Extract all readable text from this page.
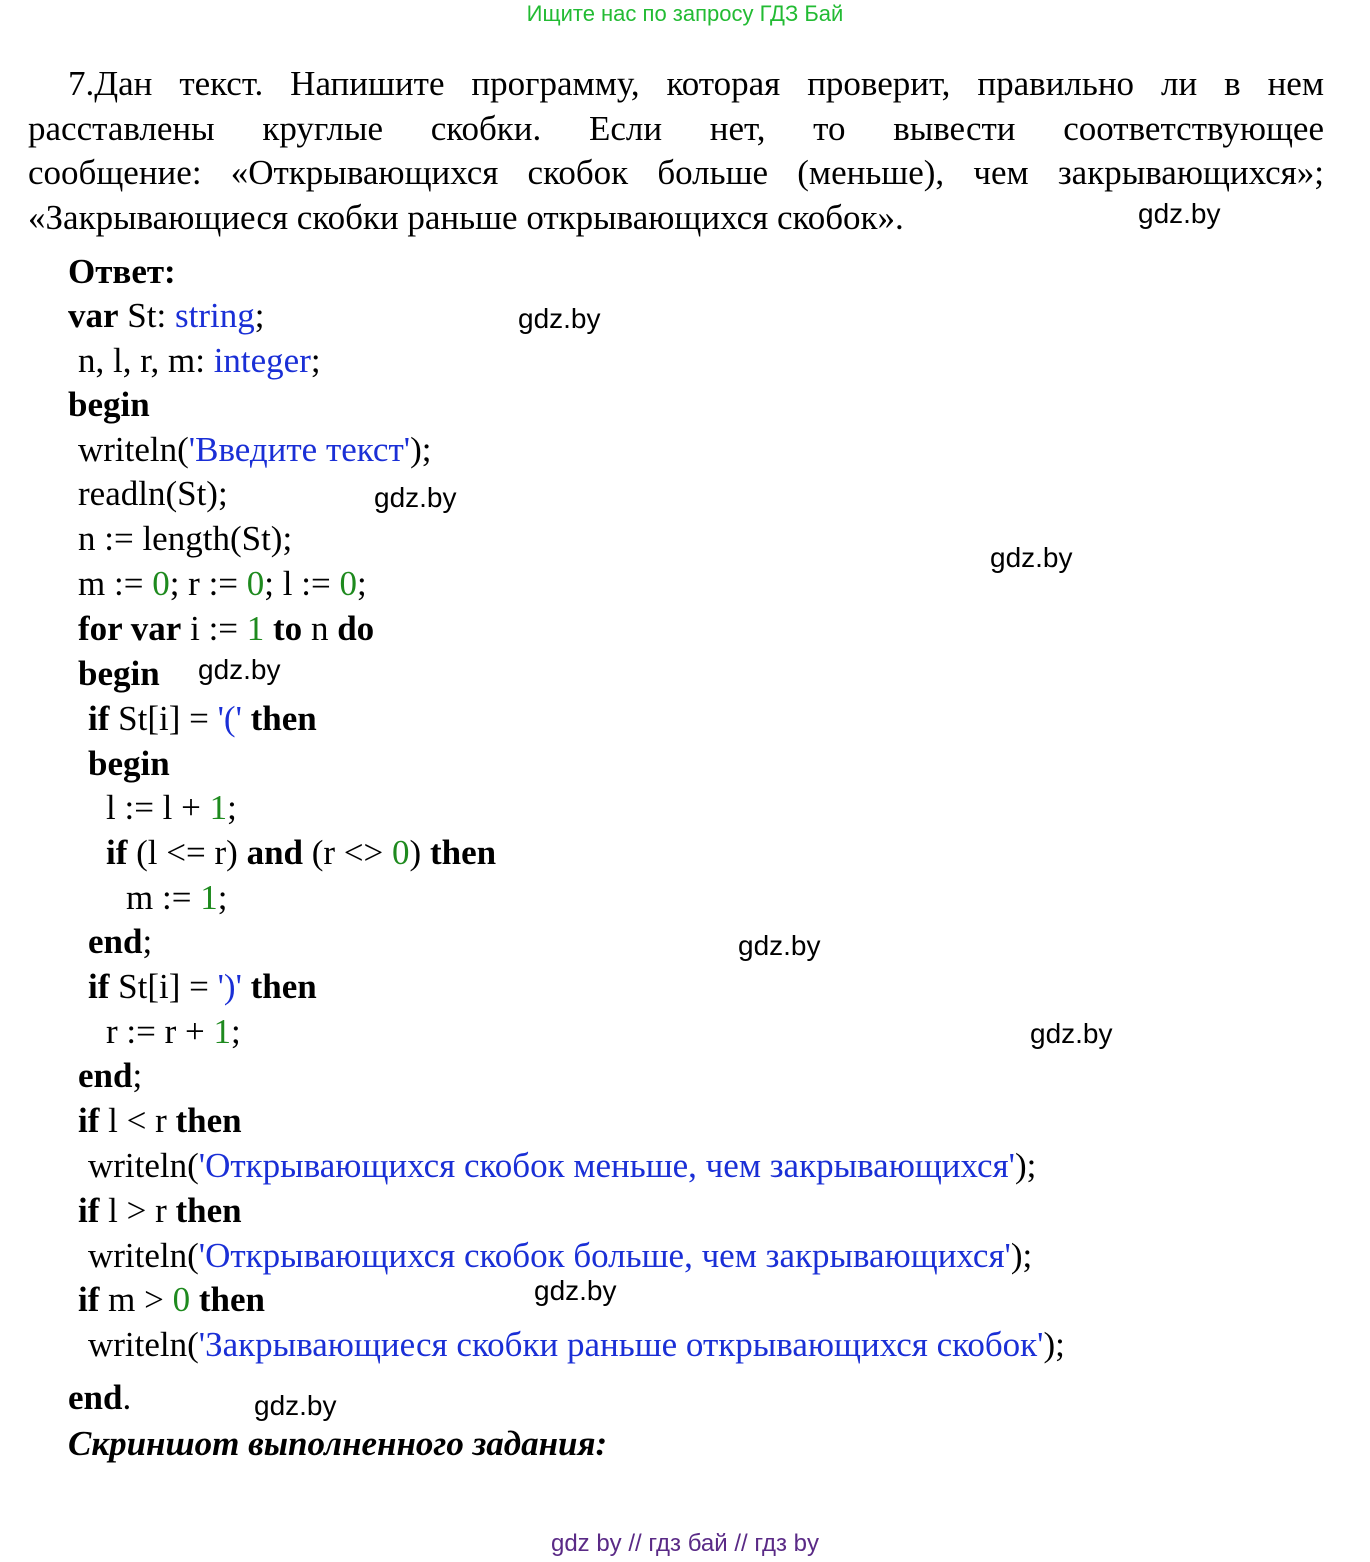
Ищите нас по запросу ГДЗ Бай
7.Дан текст. Напишите программу, которая проверит, правильно ли в нем
расставлены круглые скобки. Если нет, то вывести соответствующее
сообщение: «Открывающихся скобок больше (меньше), чем закрывающихся»;
«Закрывающиеся скобки раньше открывающихся скобок».
Ответ:
var St: string;
n, l, r, m: integer;
begin
writeln('Введите текст');
readln(St);
n := length(St);
m := 0; r := 0; l := 0;
for var i := 1 to n do
begin
if St[i] = '(' then
begin
l := l + 1;
if (l <= r) and (r <> 0) then
m := 1;
end;
if St[i] = ')' then
r := r + 1;
end;
if l < r then
writeln('Открывающихся скобок меньше, чем закрывающихся');
if l > r then
writeln('Открывающихся скобок больше, чем закрывающихся');
if m > 0 then
writeln('Закрывающиеся скобки раньше открывающихся скобок');
end.
Скриншот выполненного задания:
gdz.by
gdz.by
gdz.by
gdz.by
gdz.by
gdz.by
gdz.by
gdz.by
gdz.by
gdz by // гдз бай // гдз by
